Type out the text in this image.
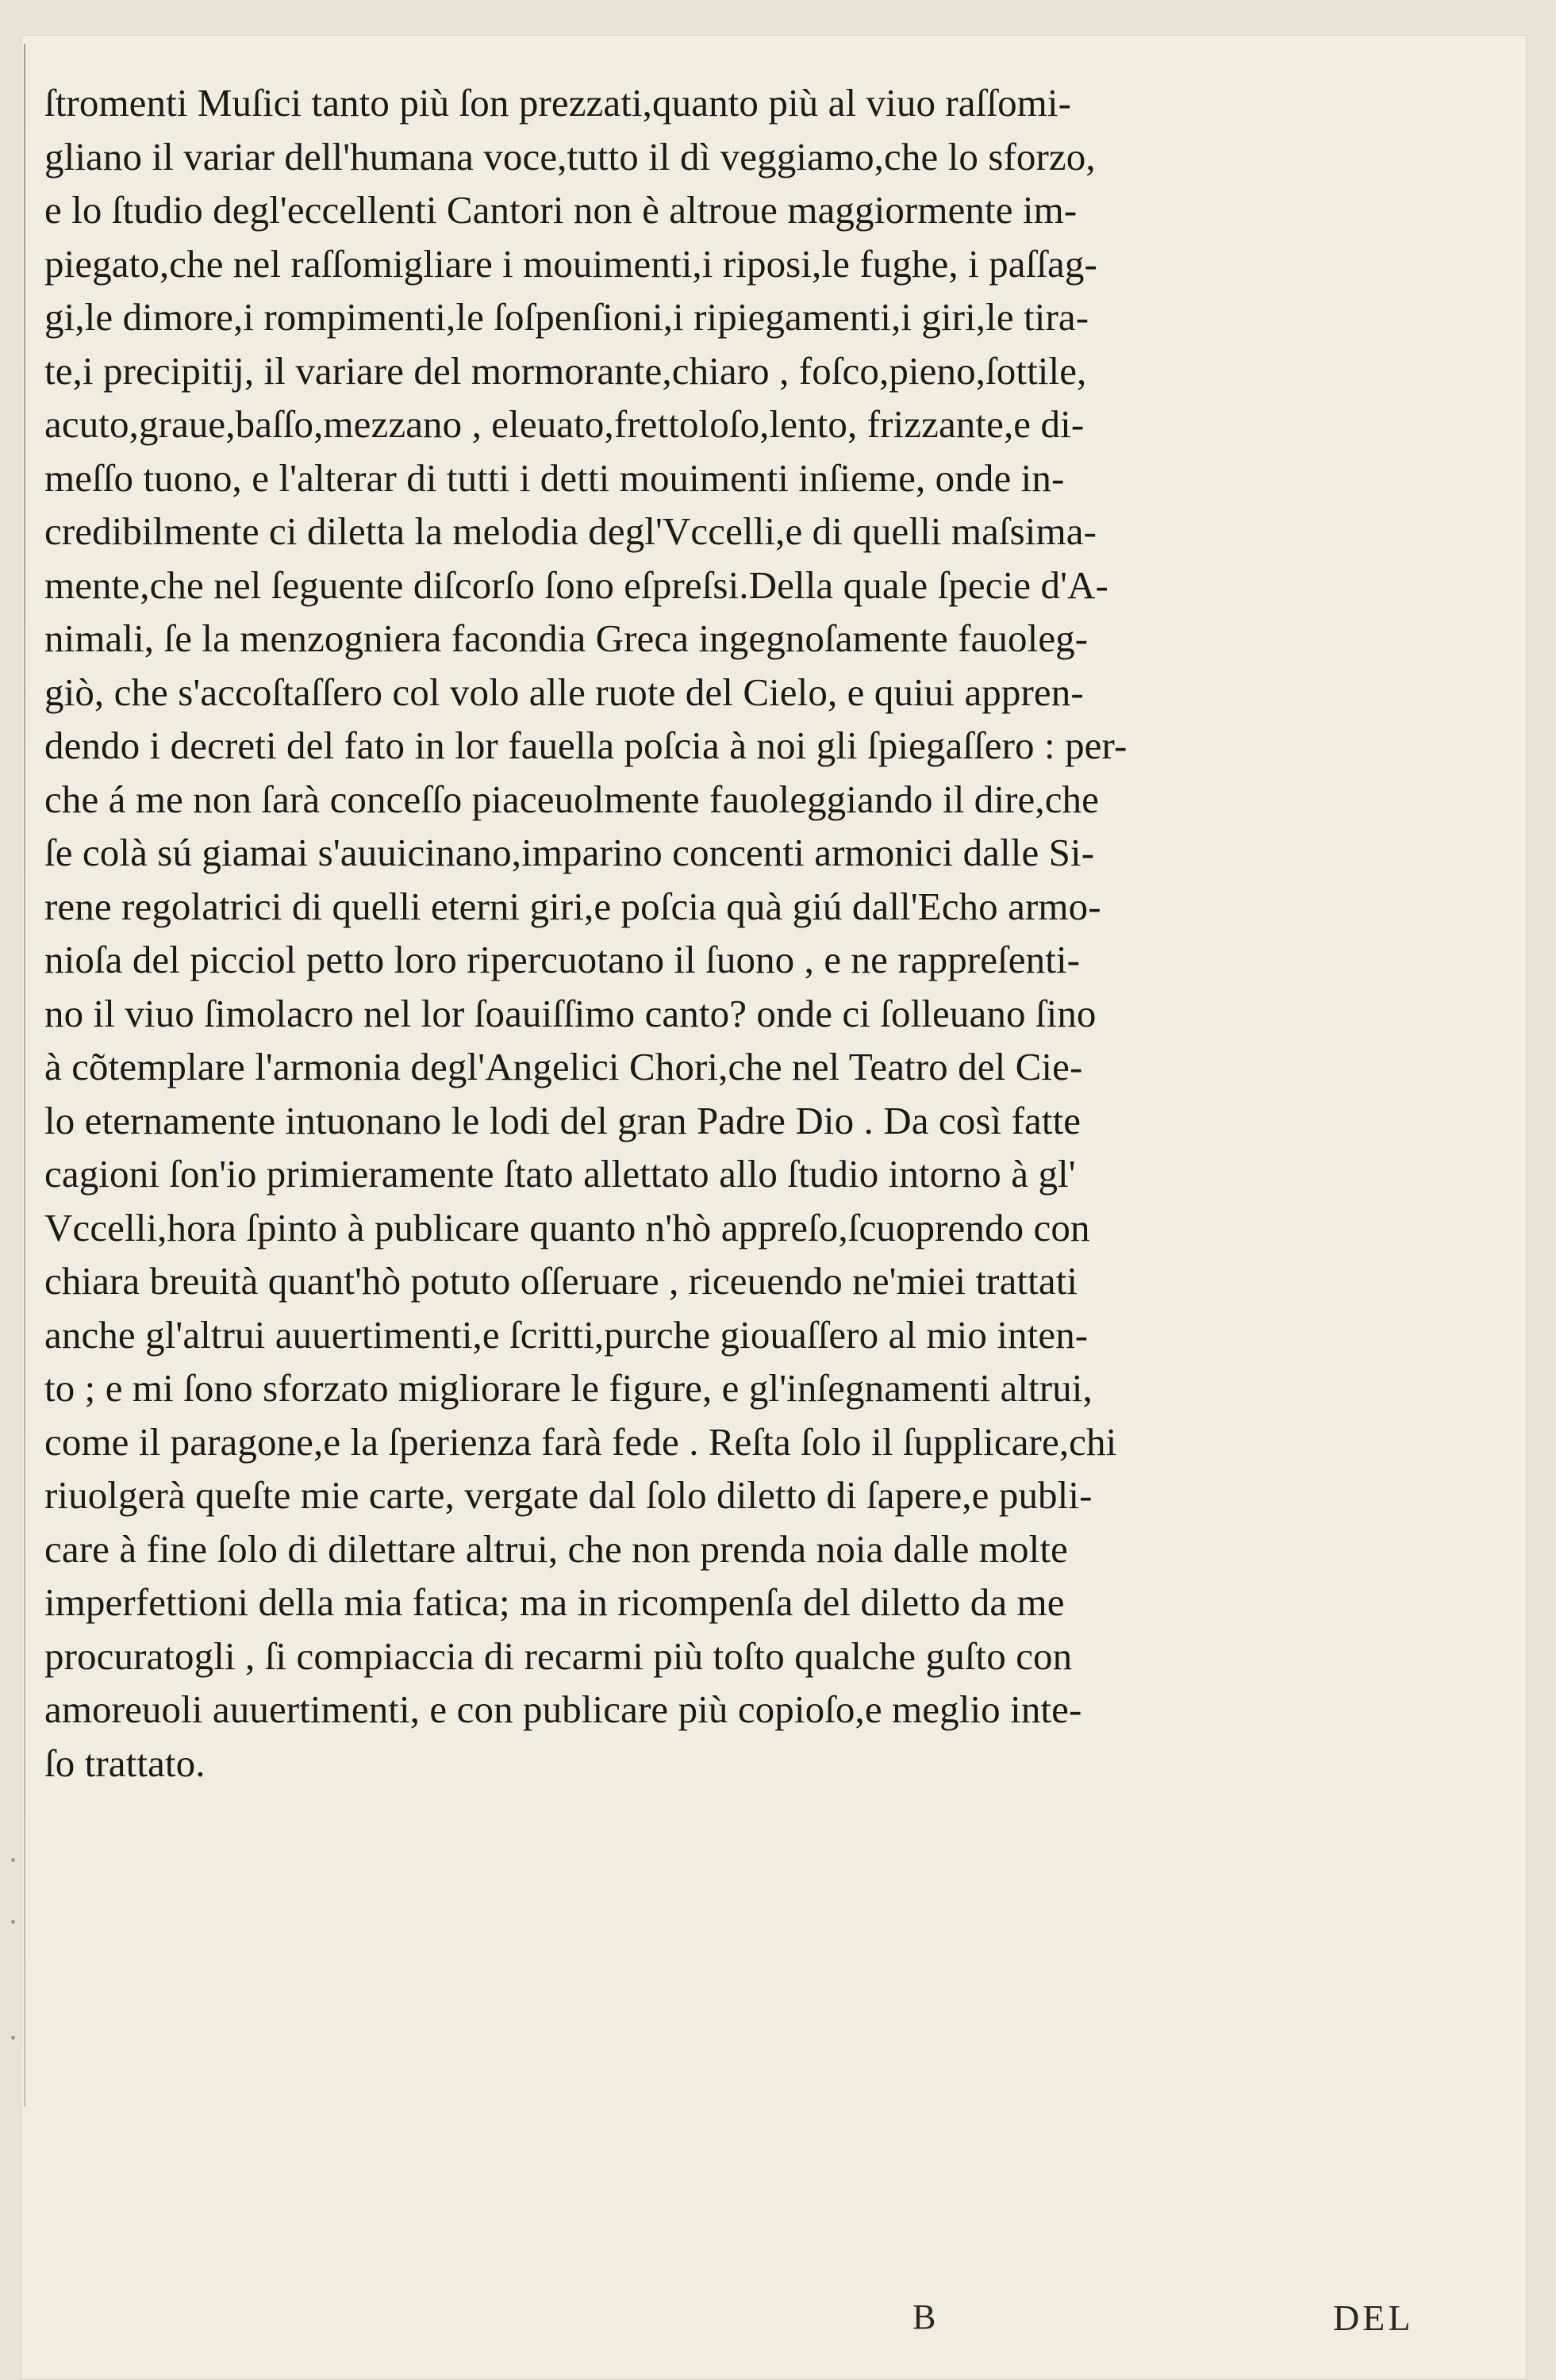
ſtromenti Muſici tanto più ſon prezzati,quanto più al viuo raſſomi-
gliano il variar dell'humana voce,tutto il dì veggiamo,che lo sforzo,
e lo ſtudio degl'eccellenti Cantori non è altroue maggiormente im-
piegato,che nel raſſomigliare i mouimenti,i riposi,le fughe, i paſſag-
gi,le dimore,i rompimenti,le ſoſpenſioni,i ripiegamenti,i giri,le tira-
te,i precipitij, il variare del mormorante,chiaro , foſco,pieno,ſottile,
acuto,graue,baſſo,mezzano , eleuato,frettoloſo,lento, frizzante,e di-
meſſo tuono, e l'alterar di tutti i detti mouimenti inſieme, onde in-
credibilmente ci diletta la melodia degl'Vccelli,e di quelli maſsima-
mente,che nel ſeguente diſcorſo ſono eſpreſsi.Della quale ſpecie d'A-
nimali, ſe la menzogniera facondia Greca ingegnoſamente fauoleg-
giò, che s'accoſtaſſero col volo alle ruote del Cielo, e quiui appren-
dendo i decreti del fato in lor fauella poſcia à noi gli ſpiegaſſero : per-
che á me non ſarà conceſſo piaceuolmente fauoleggiando il dire,che
ſe colà sú giamai s'auuicinano,imparino concenti armonici dalle Si-
rene regolatrici di quelli eterni giri,e poſcia quà giú dall'Echo armo-
nioſa del picciol petto loro ripercuotano il ſuono , e ne rappreſenti-
no il viuo ſimolacro nel lor ſoauiſſimo canto? onde ci ſolleuano ſino
à cõtemplare l'armonia degl'Angelici Chori,che nel Teatro del Cie-
lo eternamente intuonano le lodi del gran Padre Dio . Da così fatte
cagioni ſon'io primieramente ſtato allettato allo ſtudio intorno à gl'
Vccelli,hora ſpinto à publicare quanto n'hò appreſo,ſcuoprendo con
chiara breuità quant'hò potuto oſſeruare , riceuendo ne'miei trattati
anche gl'altrui auuertimenti,e ſcritti,purche giouaſſero al mio inten-
to ; e mi ſono sforzato migliorare le figure, e gl'inſegnamenti altrui,
come il paragone,e la ſperienza farà fede . Reſta ſolo il ſupplicare,chi
riuolgerà queſte mie carte, vergate dal ſolo diletto di ſapere,e publi-
care à fine ſolo di dilettare altrui, che non prenda noia dalle molte
imperfettioni della mia fatica; ma in ricompenſa del diletto da me
procuratogli , ſi compiaccia di recarmi più toſto qualche guſto con
amoreuoli auuertimenti, e con publicare più copioſo,e meglio inte-
ſo trattato.
B	DEL
